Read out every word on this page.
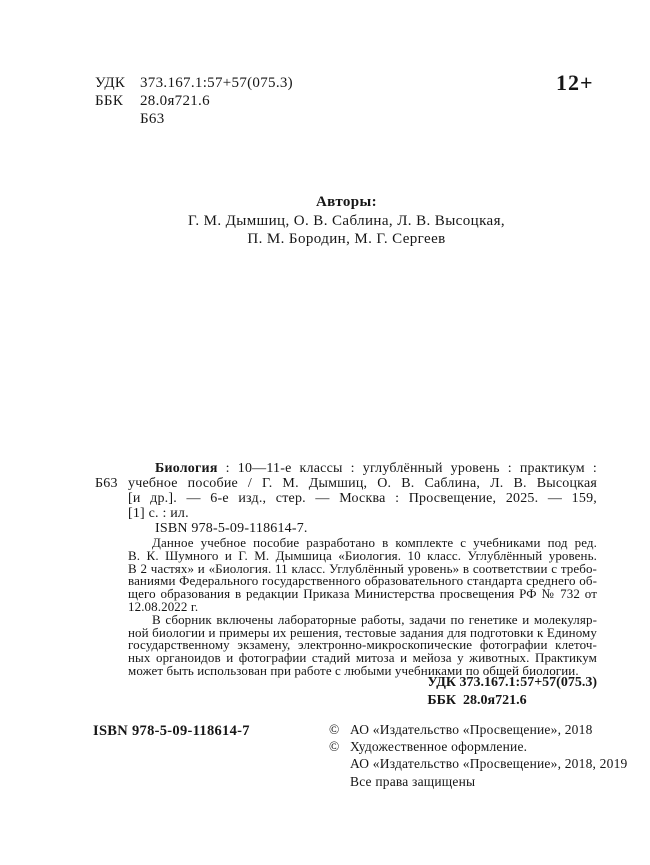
УДК 373.167.1:57+57(075.3)
ББК	28.0я721.6
Б63
12+
Авторы:
Г. М. Дымшиц, О. В. Саблина, Л. В. Высоцкая,
П. М. Бородин, М. Г. Сергеев
Б63
Биология : 10—11-е классы : углублённый уровень : практикум :
учебное пособие / Г. М. Дымшиц, О. В. Саблина, Л. В. Высоцкая
[и др.]. — 6-е изд., стер. — Москва : Просвещение, 2025. — 159,
[1] с. : ил.
ISBN 978-5-09-118614-7.
Данное учебное пособие разработано в комплекте с учебниками под ред.
В. К. Шумного и Г. М. Дымшица «Биология. 10 класс. Углублённый уровень.
В 2 частях» и «Биология. 11 класс. Углублённый уровень» в соответствии с требо-
ваниями Федерального государственного образовательного стандарта среднего об-
щего образования в редакции Приказа Министерства просвещения РФ № 732 от
12.08.2022 г.
В сборник включены лабораторные работы, задачи по генетике и молекуляр-
ной биологии и примеры их решения, тестовые задания для подготовки к Единому
государственному экзамену, электронно-микроскопические фотографии клеточ-
ных органоидов и фотографии стадий митоза и мейоза у животных. Практикум
может быть использован при работе с любыми учебниками по общей биологии.
УДК 373.167.1:57+57(075.3)
ББК  28.0я721.6
ISBN 978-5-09-118614-7	© АО «Издательство «Просвещение», 2018
© Художественное оформление.
АО «Издательство «Просвещение», 2018, 2019
Все права защищены
